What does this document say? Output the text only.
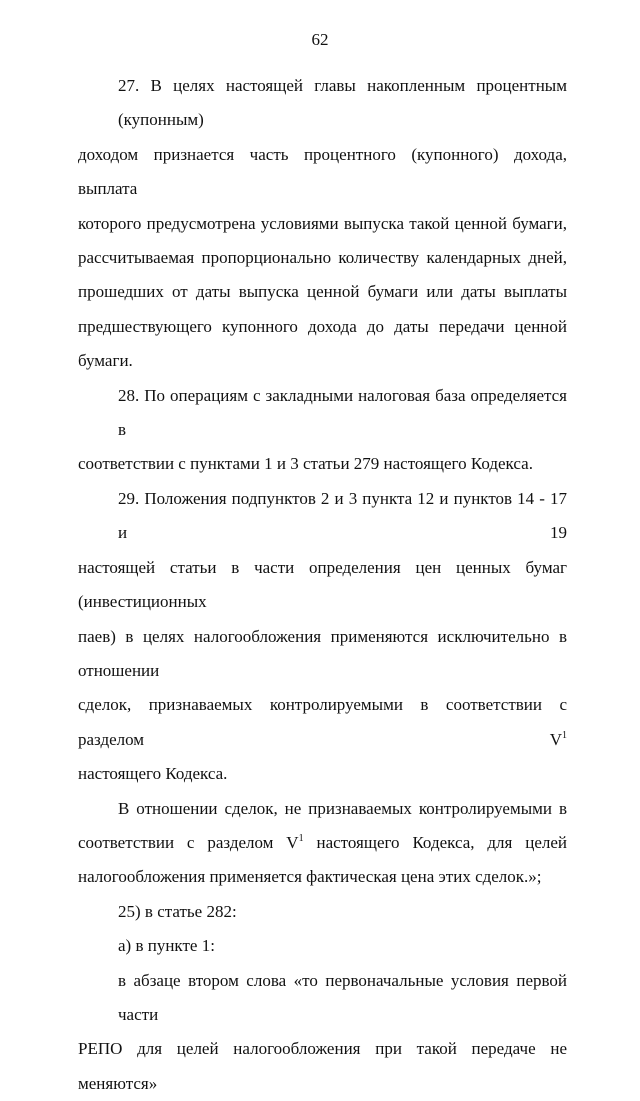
62
27. В целях настоящей главы накопленным процентным (купонным)
доходом признается часть процентного (купонного) дохода, выплата
которого предусмотрена условиями выпуска такой ценной бумаги,
рассчитываемая пропорционально количеству календарных дней,
прошедших от даты выпуска ценной бумаги или даты выплаты
предшествующего купонного дохода до даты передачи ценной бумаги.
28. По операциям с закладными налоговая база определяется в
соответствии с пунктами 1 и 3 статьи 279 настоящего Кодекса.
29. Положения подпунктов 2 и 3 пункта 12 и пунктов 14 - 17 и 19
настоящей статьи в части определения цен ценных бумаг (инвестиционных
паев) в целях налогообложения применяются исключительно в отношении
сделок, признаваемых контролируемыми в соответствии с разделом $V^1$
настоящего Кодекса.
В отношении сделок, не признаваемых контролируемыми в
соответствии с разделом $V^1$ настоящего Кодекса, для целей
налогообложения применяется фактическая цена этих сделок.»;
25) в статье 282:
а) в пункте 1:
в абзаце втором слова «то первоначальные условия первой части
РЕПО для целей налогообложения при такой передаче не меняются»
